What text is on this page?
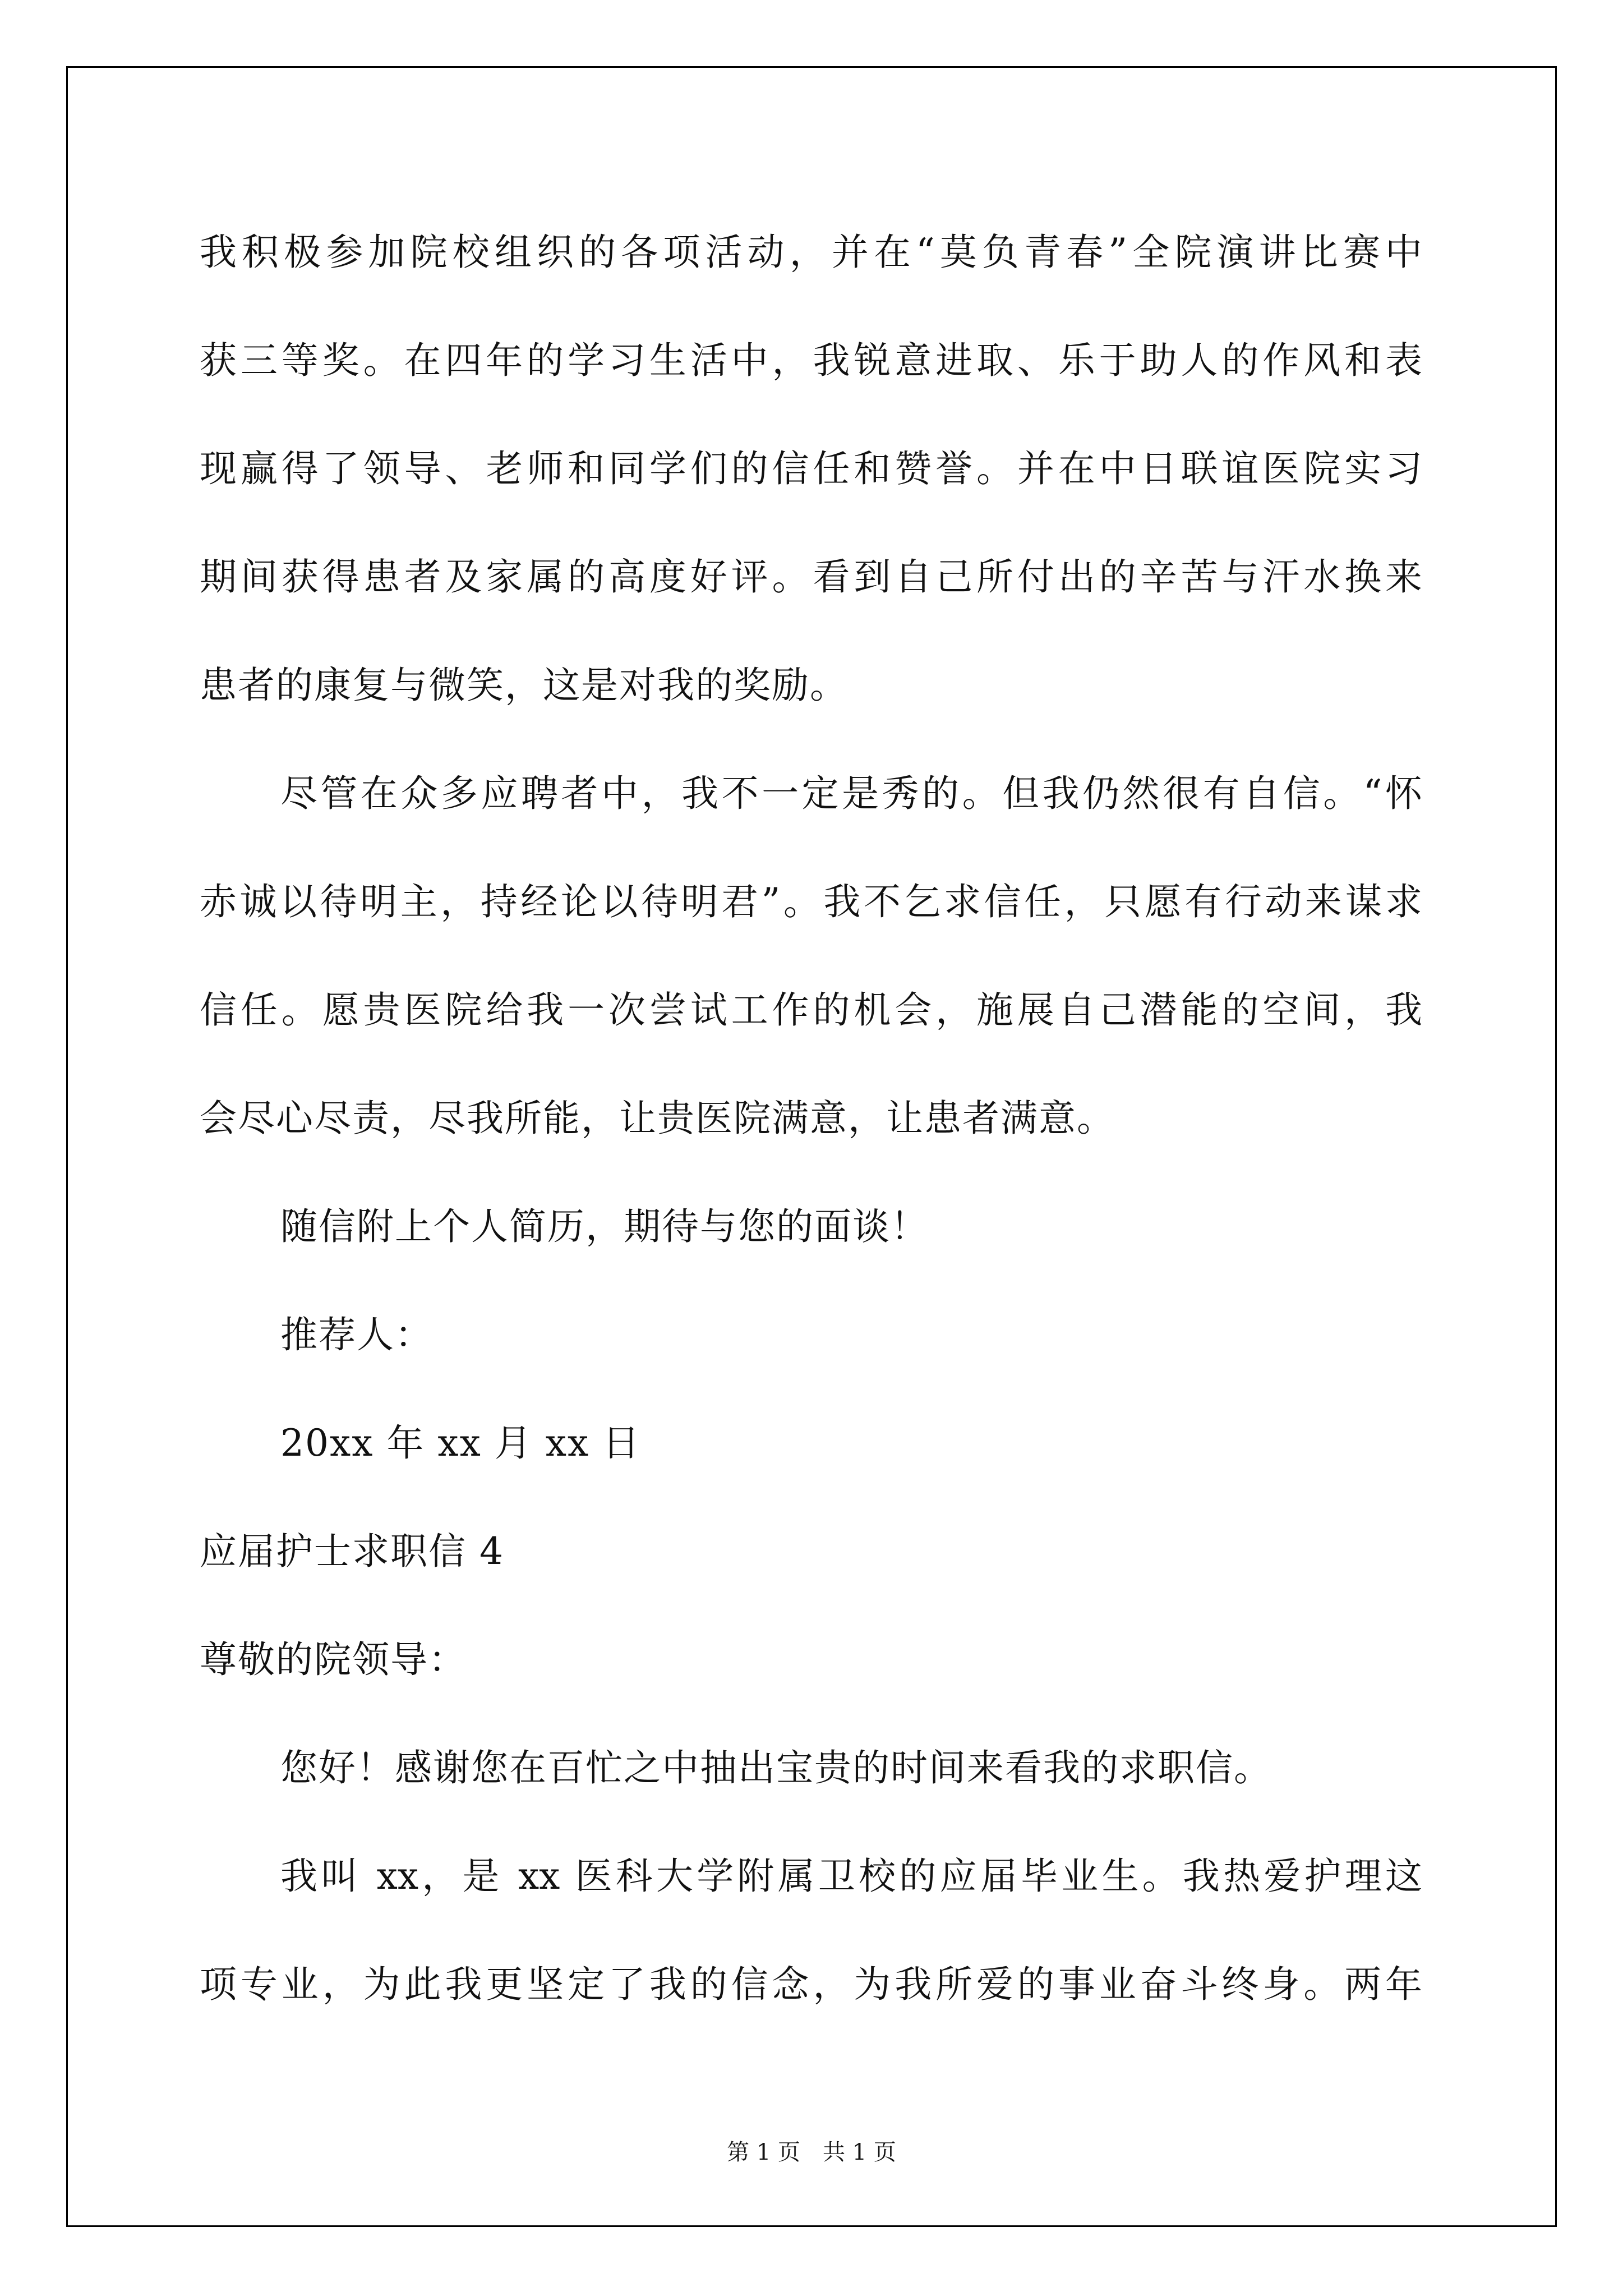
我积极参加院校组织的各项活动，并在“莫负青春”全院演讲比赛中
获三等奖。在四年的学习生活中，我锐意进取、乐于助人的作风和表
现赢得了领导、老师和同学们的信任和赞誉。并在中日联谊医院实习
期间获得患者及家属的高度好评。看到自己所付出的辛苦与汗水换来
患者的康复与微笑，这是对我的奖励。
尽管在众多应聘者中，我不一定是秀的。但我仍然很有自信。“怀
赤诚以待明主，持经论以待明君”。我不乞求信任，只愿有行动来谋求
信任。愿贵医院给我一次尝试工作的机会，施展自己潜能的空间，我
会尽心尽责，尽我所能，让贵医院满意，让患者满意。
随信附上个人简历，期待与您的面谈！
推荐人：
20xx 年 xx 月 xx 日
应届护士求职信 4
尊敬的院领导：
您好！感谢您在百忙之中抽出宝贵的时间来看我的求职信。
我叫 xx，是 xx 医科大学附属卫校的应届毕业生。我热爱护理这
项专业，为此我更坚定了我的信念，为我所爱的事业奋斗终身。两年
第 1 页　共 1 页
